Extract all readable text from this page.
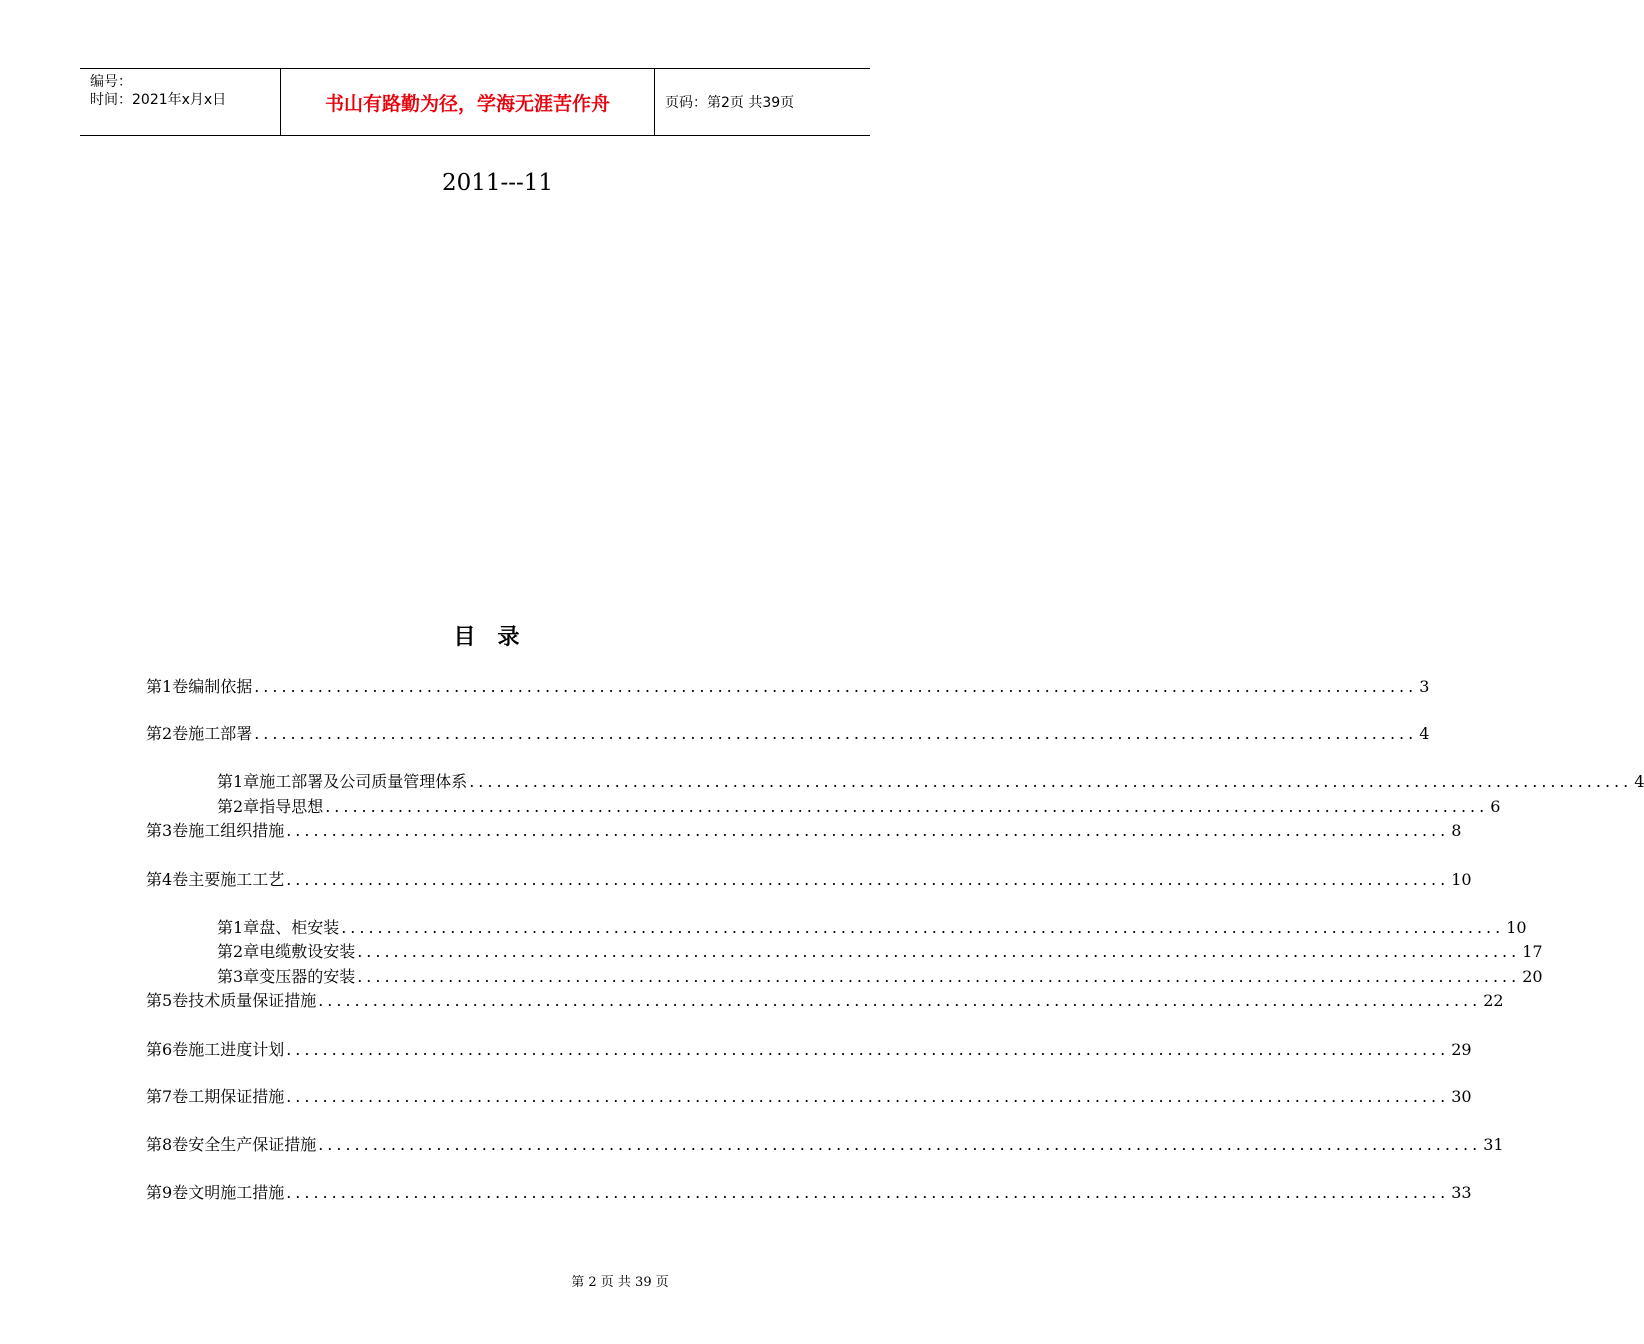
编号：
时间：2021年x月x日	书山有路勤为径，学海无涯苦作舟	页码：第2页 共39页
2011---11
目录
第1卷 编制依据 ................................................................................................................................ 3
第2卷 施工部署 ................................................................................................................................ 4
第1章 施工部署及公司质量管理体系 ................................................................................................................................ 4
第2章 指导思想 ................................................................................................................................ 6
第3卷 施工组织措施 ................................................................................................................................ 8
第4卷 主要施工工艺 ................................................................................................................................ 10
第1章 盘、柜安装 ................................................................................................................................ 10
第2章 电缆敷设安装 ................................................................................................................................ 17
第3章 变压器的安装 ................................................................................................................................ 20
第5卷 技术质量保证措施 ................................................................................................................................ 22
第6卷 施工进度计划 ................................................................................................................................ 29
第7卷 工期保证措施 ................................................................................................................................ 30
第8卷 安全生产保证措施 ................................................................................................................................ 31
第9卷 文明施工措施 ................................................................................................................................ 33
第 2 页 共 39 页
